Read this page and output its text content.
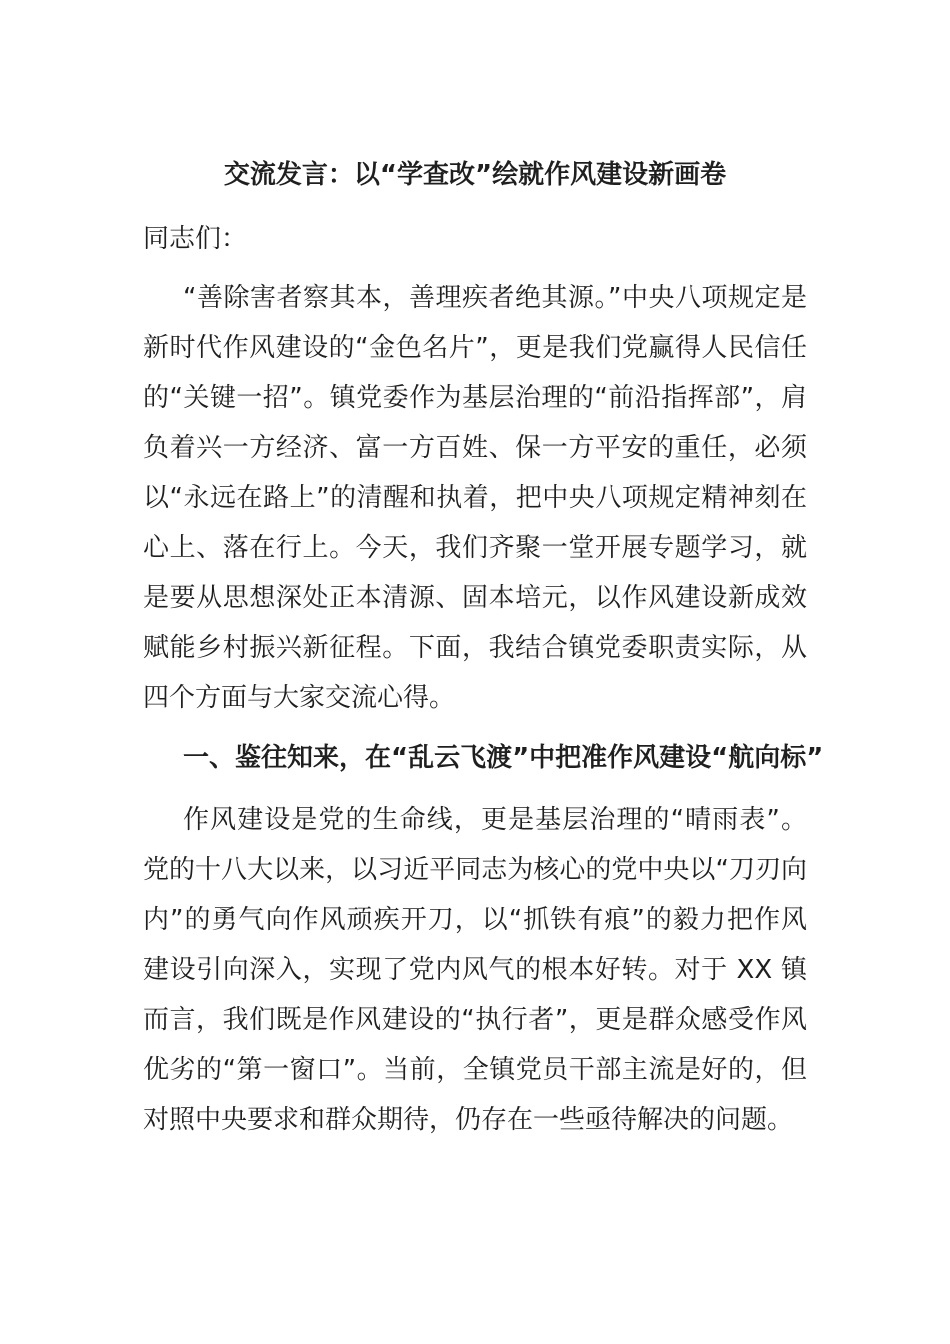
交流发言：以“学查改”绘就作风建设新画卷
同志们：

“善除害者察其本，善理疾者绝其源。”中央八项规定是新时代作风建设的“金色名片”，更是我们党赢得人民信任的“关键一招”。镇党委作为基层治理的“前沿指挥部”，肩负着兴一方经济、富一方百姓、保一方平安的重任，必须以“永远在路上”的清醒和执着，把中央八项规定精神刻在心上、落在行上。今天，我们齐聚一堂开展专题学习，就是要从思想深处正本清源、固本培元，以作风建设新成效赋能乡村振兴新征程。下面，我结合镇党委职责实际，从四个方面与大家交流心得。

一、鉴往知来，在“乱云飞渡”中把准作风建设“航向标”

作风建设是党的生命线，更是基层治理的“晴雨表”。党的十八大以来，以习近平同志为核心的党中央以“刀刃向内”的勇气向作风顽疾开刀，以“抓铁有痕”的毅力把作风建设引向深入，实现了党内风气的根本好转。对于 XX 镇而言，我们既是作风建设的“执行者”，更是群众感受作风优劣的“第一窗口”。当前，全镇党员干部主流是好的，但对照中央要求和群众期待，仍存在一些亟待解决的问题。
